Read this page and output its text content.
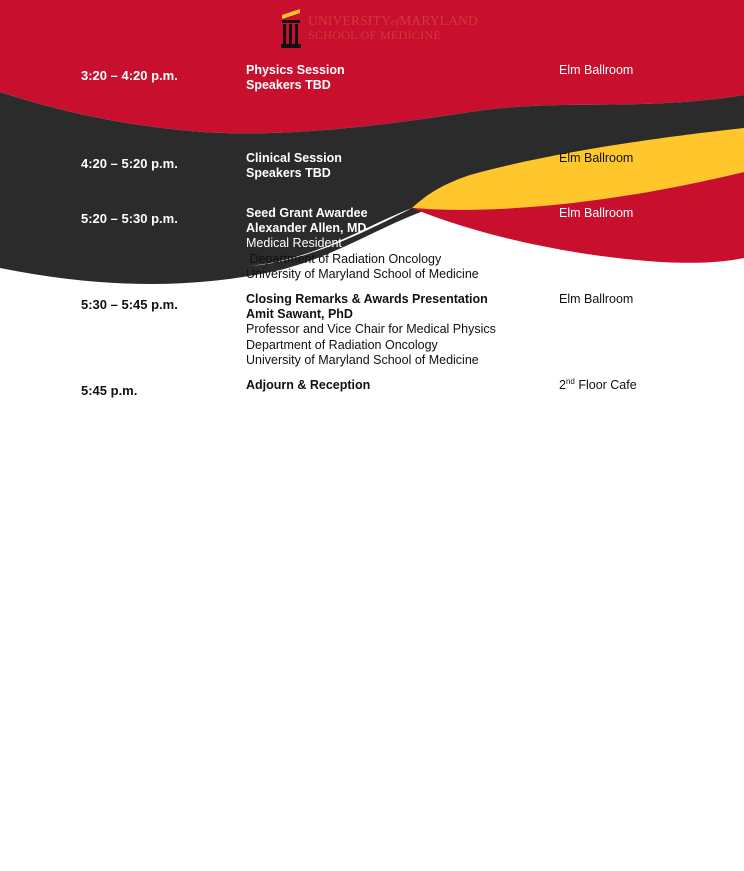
UNIVERSITYofMARYLAND
SCHOOL OF MEDICINE
3:20 – 4:20 p.m.	Physics Session
Speakers TBD
Elm Ballroom
4:20 – 5:20 p.m.	Clinical Session
Speakers TBD
Elm Ballroom
5:20 – 5:30 p.m.	Seed Grant Awardee
Alexander Allen, MD
Medical Resident
Department of Radiation Oncology
University of Maryland School of Medicine
Elm Ballroom
5:30 – 5:45 p.m.	Closing Remarks & Awards Presentation
Amit Sawant, PhD
Professor and Vice Chair for Medical Physics
Department of Radiation Oncology
University of Maryland School of Medicine
Elm Ballroom
5:45 p.m.	Adjourn & Reception	2nd Floor Cafe
